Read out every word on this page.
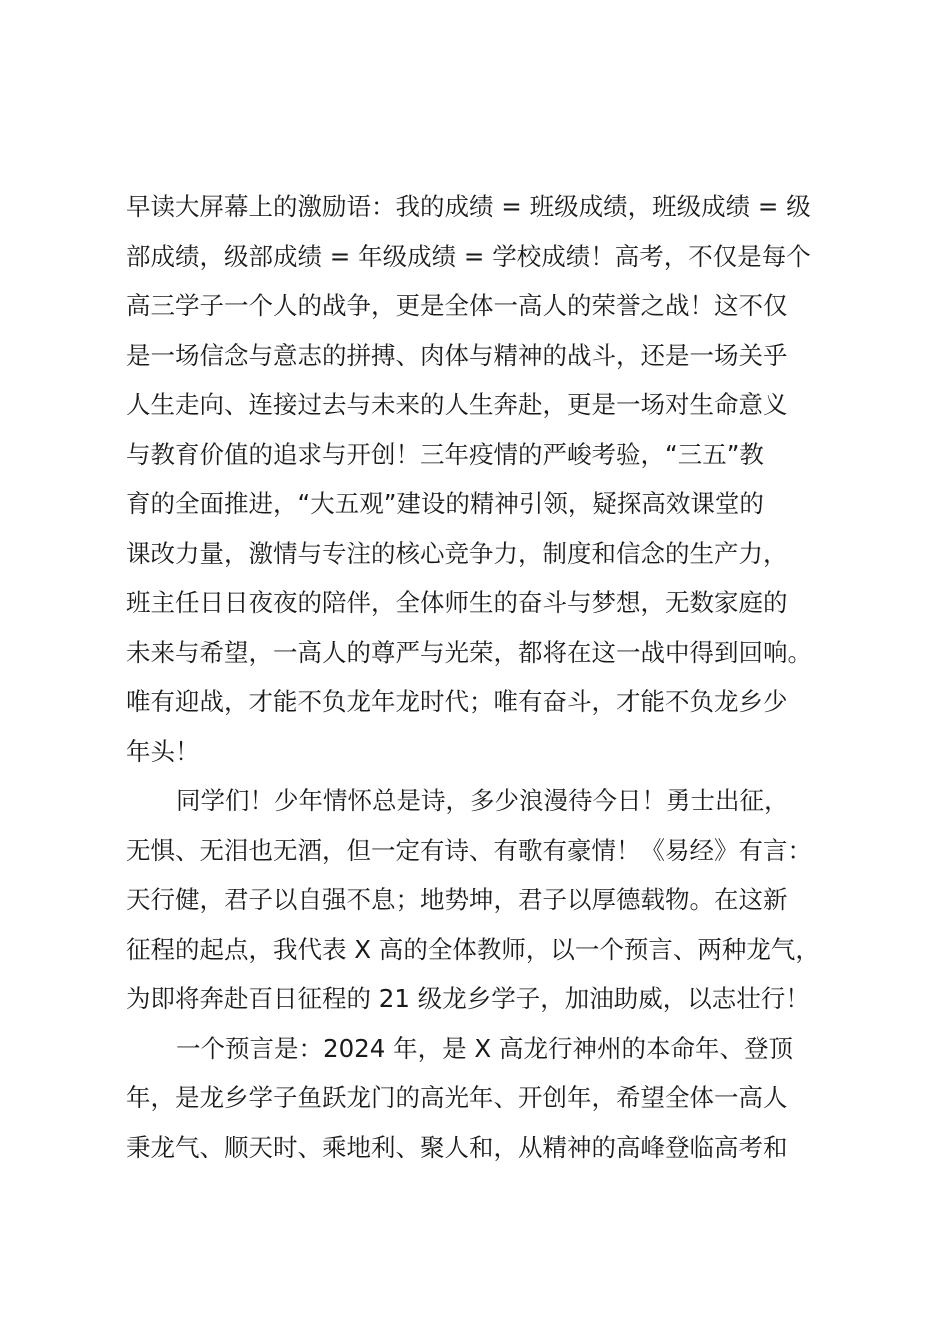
早读大屏幕上的激励语：我的成绩 = 班级成绩，班级成绩 = 级
部成绩，级部成绩 = 年级成绩 = 学校成绩！高考，不仅是每个
高三学子一个人的战争，更是全体一高人的荣誉之战！这不仅
是一场信念与意志的拼搏、肉体与精神的战斗，还是一场关乎
人生走向、连接过去与未来的人生奔赴，更是一场对生命意义
与教育价值的追求与开创！三年疫情的严峻考验，“三五”教
育的全面推进，“大五观”建设的精神引领，疑探高效课堂的
课改力量，激情与专注的核心竞争力，制度和信念的生产力，
班主任日日夜夜的陪伴，全体师生的奋斗与梦想，无数家庭的
未来与希望，一高人的尊严与光荣，都将在这一战中得到回响。
唯有迎战，才能不负龙年龙时代；唯有奋斗，才能不负龙乡少
年头！
同学们！少年情怀总是诗，多少浪漫待今日！勇士出征，
无惧、无泪也无酒，但一定有诗、有歌有豪情！《易经》有言：
天行健，君子以自强不息；地势坤，君子以厚德载物。在这新
征程的起点，我代表 X 高的全体教师，以一个预言、两种龙气，
为即将奔赴百日征程的 21 级龙乡学子，加油助威，以志壮行！
一个预言是：2024 年，是 X 高龙行神州的本命年、登顶
年，是龙乡学子鱼跃龙门的高光年、开创年，希望全体一高人
秉龙气、顺天时、乘地利、聚人和，从精神的高峰登临高考和
